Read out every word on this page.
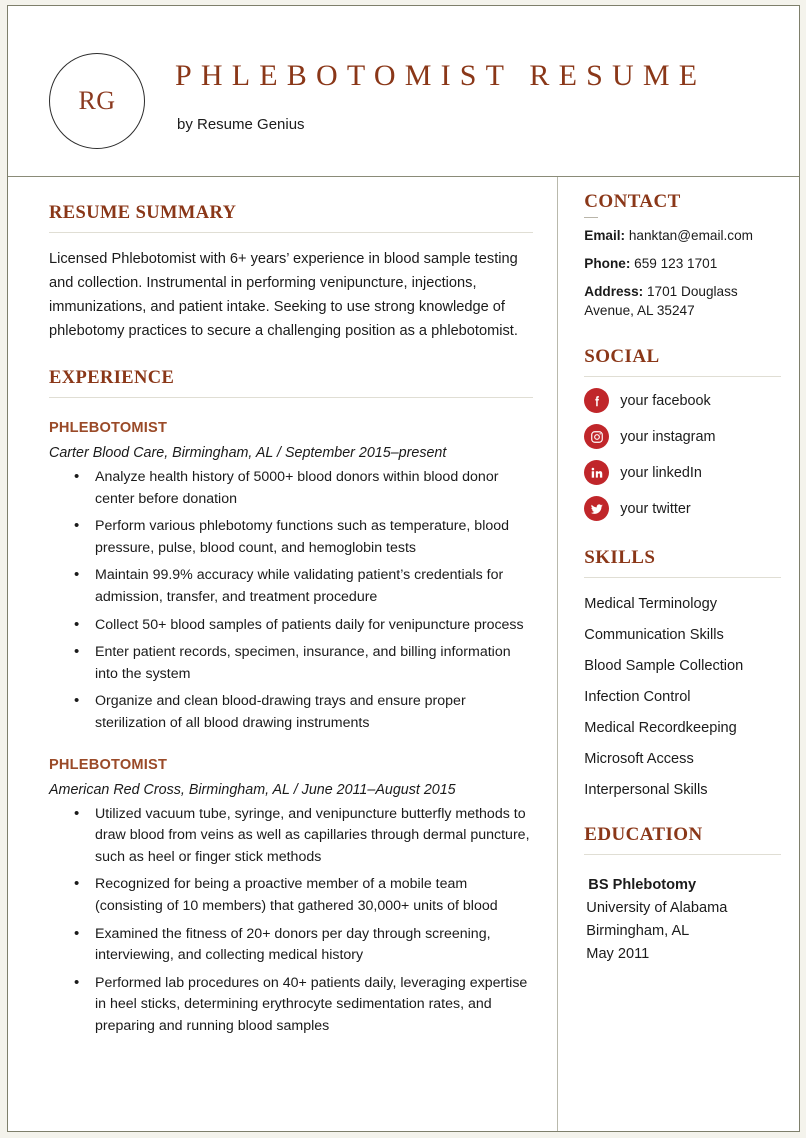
RG
PHLEBOTOMIST RESUME
by Resume Genius
RESUME SUMMARY
Licensed Phlebotomist with 6+ years’ experience in blood sample testing and collection. Instrumental in performing venipuncture, injections, immunizations, and patient intake. Seeking to use strong knowledge of phlebotomy practices to secure a challenging position as a phlebotomist.
EXPERIENCE
PHLEBOTOMIST
Carter Blood Care, Birmingham, AL / September 2015–present
• Analyze health history of 5000+ blood donors within blood donor center before donation
• Perform various phlebotomy functions such as temperature, blood pressure, pulse, blood count, and hemoglobin tests
• Maintain 99.9% accuracy while validating patient’s credentials for admission, transfer, and treatment procedure
• Collect 50+ blood samples of patients daily for venipuncture process
• Enter patient records, specimen, insurance, and billing information into the system
• Organize and clean blood-drawing trays and ensure proper sterilization of all blood drawing instruments
PHLEBOTOMIST
American Red Cross, Birmingham, AL / June 2011–August 2015
• Utilized vacuum tube, syringe, and venipuncture butterfly methods to draw blood from veins as well as capillaries through dermal puncture, such as heel or finger stick methods
• Recognized for being a proactive member of a mobile team (consisting of 10 members) that gathered 30,000+ units of blood
• Examined the fitness of 20+ donors per day through screening, interviewing, and collecting medical history
• Performed lab procedures on 40+ patients daily, leveraging expertise in heel sticks, determining erythrocyte sedimentation rates, and preparing and running blood samples
CONTACT
Email: hanktan@email.com
Phone: 659 123 1701
Address: 1701 Douglass Avenue, AL 35247
SOCIAL
your facebook
your instagram
your linkedIn
your twitter
SKILLS
Medical Terminology
Communication Skills
Blood Sample Collection
Infection Control
Medical Recordkeeping
Microsoft Access
Interpersonal Skills
EDUCATION
BS Phlebotomy
University of Alabama
Birmingham, AL
May 2011
